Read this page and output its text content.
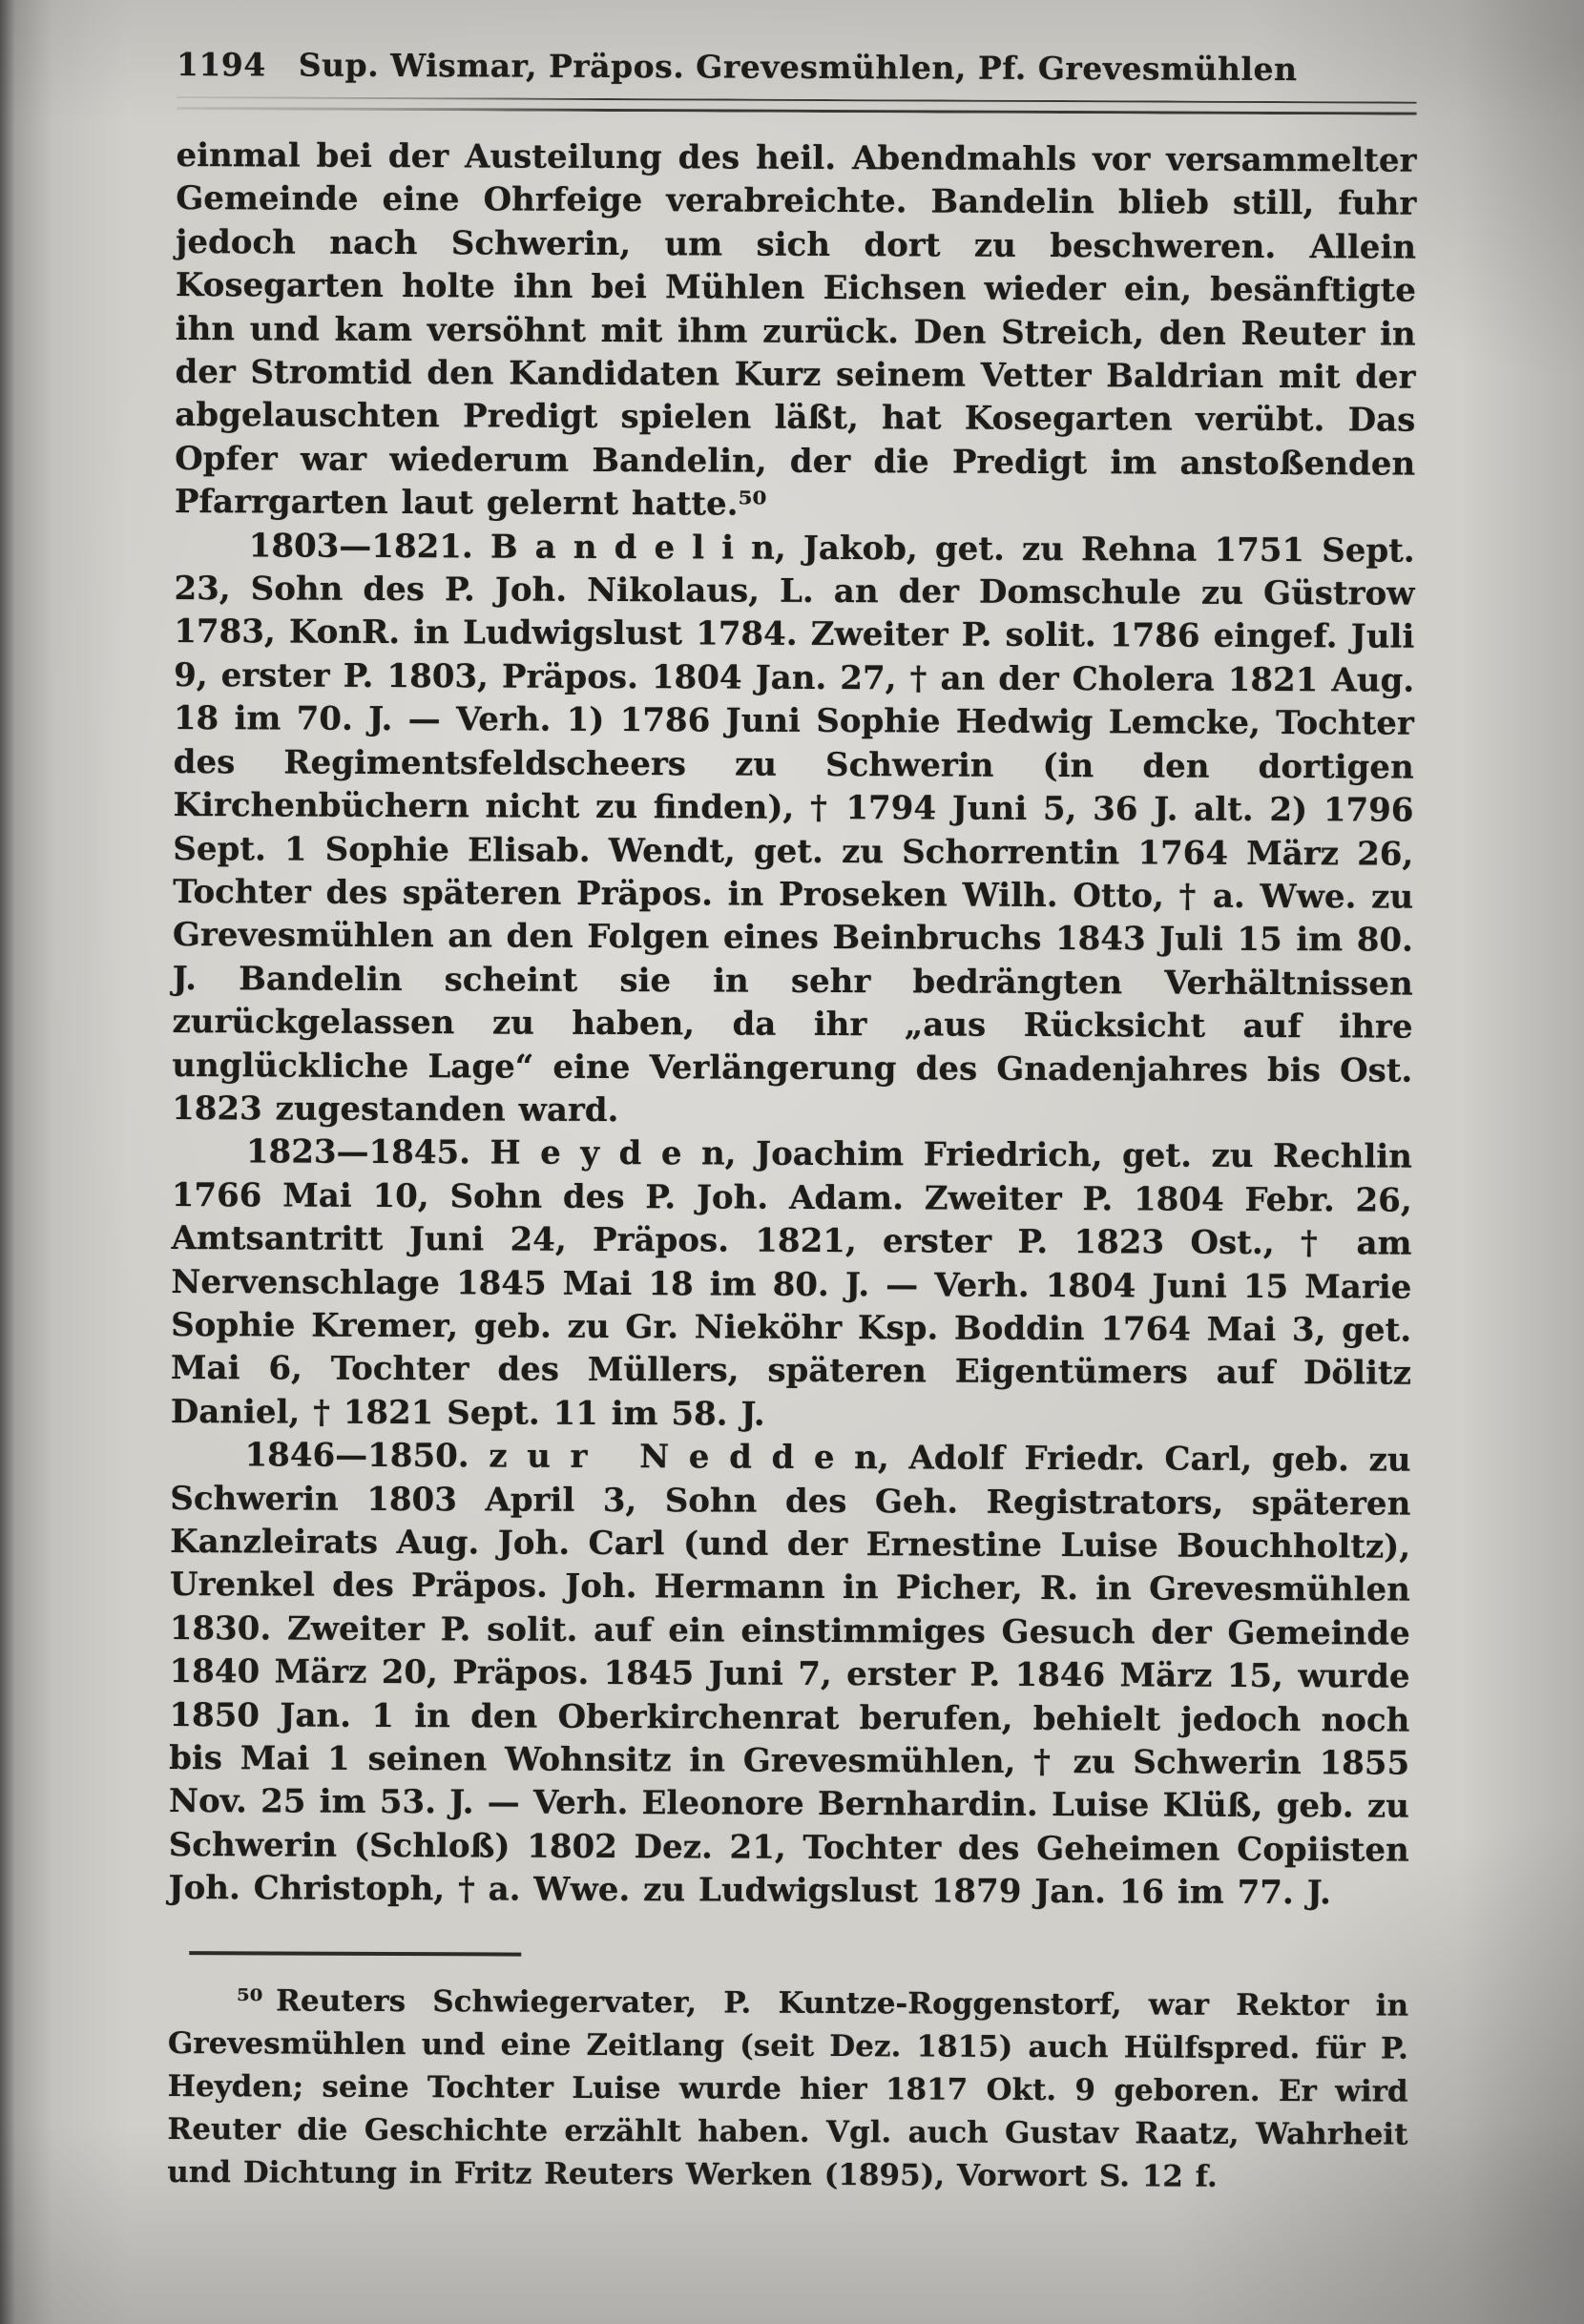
1194 Sup. Wismar, Präpos. Grevesmühlen, Pf. Grevesmühlen

einmal bei der Austeilung des heil. Abendmahls vor versammelter Gemeinde eine Ohrfeige verabreichte. Bandelin blieb still, fuhr jedoch nach Schwerin, um sich dort zu beschweren. Allein Kosegarten holte ihn bei Mühlen Eichsen wieder ein, besänftigte ihn und kam versöhnt mit ihm zurück. Den Streich, den Reuter in der Stromtid den Kandidaten Kurz seinem Vetter Baldrian mit der abgelauschten Predigt spielen läßt, hat Kosegarten verübt. Das Opfer war wiederum Bandelin, der die Predigt im anstoßenden Pfarrgarten laut gelernt hatte.⁵⁰

1803—1821. B a n d e l i n, Jakob, get. zu Rehna 1751 Sept. 23, Sohn des P. Joh. Nikolaus, L. an der Domschule zu Güstrow 1783, KonR. in Ludwigslust 1784. Zweiter P. solit. 1786 eingef. Juli 9, erster P. 1803, Präpos. 1804 Jan. 27, † an der Cholera 1821 Aug. 18 im 70. J. — Verh. 1) 1786 Juni Sophie Hedwig Lemcke, Tochter des Regimentsfeldscheers zu Schwerin (in den dortigen Kirchenbüchern nicht zu finden), † 1794 Juni 5, 36 J. alt. 2) 1796 Sept. 1 Sophie Elisab. Wendt, get. zu Schorrentin 1764 März 26, Tochter des späteren Präpos. in Proseken Wilh. Otto, † a. Wwe. zu Grevesmühlen an den Folgen eines Beinbruchs 1843 Juli 15 im 80. J. Bandelin scheint sie in sehr bedrängten Verhältnissen zurückgelassen zu haben, da ihr „aus Rücksicht auf ihre unglückliche Lage“ eine Verlängerung des Gnadenjahres bis Ost. 1823 zugestanden ward.

1823—1845. H e y d e n, Joachim Friedrich, get. zu Rechlin 1766 Mai 10, Sohn des P. Joh. Adam. Zweiter P. 1804 Febr. 26, Amtsantritt Juni 24, Präpos. 1821, erster P. 1823 Ost., † am Nervenschlage 1845 Mai 18 im 80. J. — Verh. 1804 Juni 15 Marie Sophie Kremer, geb. zu Gr. Nieköhr Ksp. Boddin 1764 Mai 3, get. Mai 6, Tochter des Müllers, späteren Eigentümers auf Dölitz Daniel, † 1821 Sept. 11 im 58. J.

1846—1850. z u r  N e d d e n, Adolf Friedr. Carl, geb. zu Schwerin 1803 April 3, Sohn des Geh. Registrators, späteren Kanzleirats Aug. Joh. Carl (und der Ernestine Luise Bouchholtz), Urenkel des Präpos. Joh. Hermann in Picher, R. in Grevesmühlen 1830. Zweiter P. solit. auf ein einstimmiges Gesuch der Gemeinde 1840 März 20, Präpos. 1845 Juni 7, erster P. 1846 März 15, wurde 1850 Jan. 1 in den Oberkirchenrat berufen, behielt jedoch noch bis Mai 1 seinen Wohnsitz in Grevesmühlen, † zu Schwerin 1855 Nov. 25 im 53. J. — Verh. Eleonore Bernhardin. Luise Klüß, geb. zu Schwerin (Schloß) 1802 Dez. 21, Tochter des Geheimen Copiisten Joh. Christoph, † a. Wwe. zu Ludwigslust 1879 Jan. 16 im 77. J.

⁵⁰ Reuters Schwiegervater, P. Kuntze-Roggenstorf, war Rektor in Grevesmühlen und eine Zeitlang (seit Dez. 1815) auch Hülfspred. für P. Heyden; seine Tochter Luise wurde hier 1817 Okt. 9 geboren. Er wird Reuter die Geschichte erzählt haben. Vgl. auch Gustav Raatz, Wahrheit und Dichtung in Fritz Reuters Werken (1895), Vorwort S. 12 f.
